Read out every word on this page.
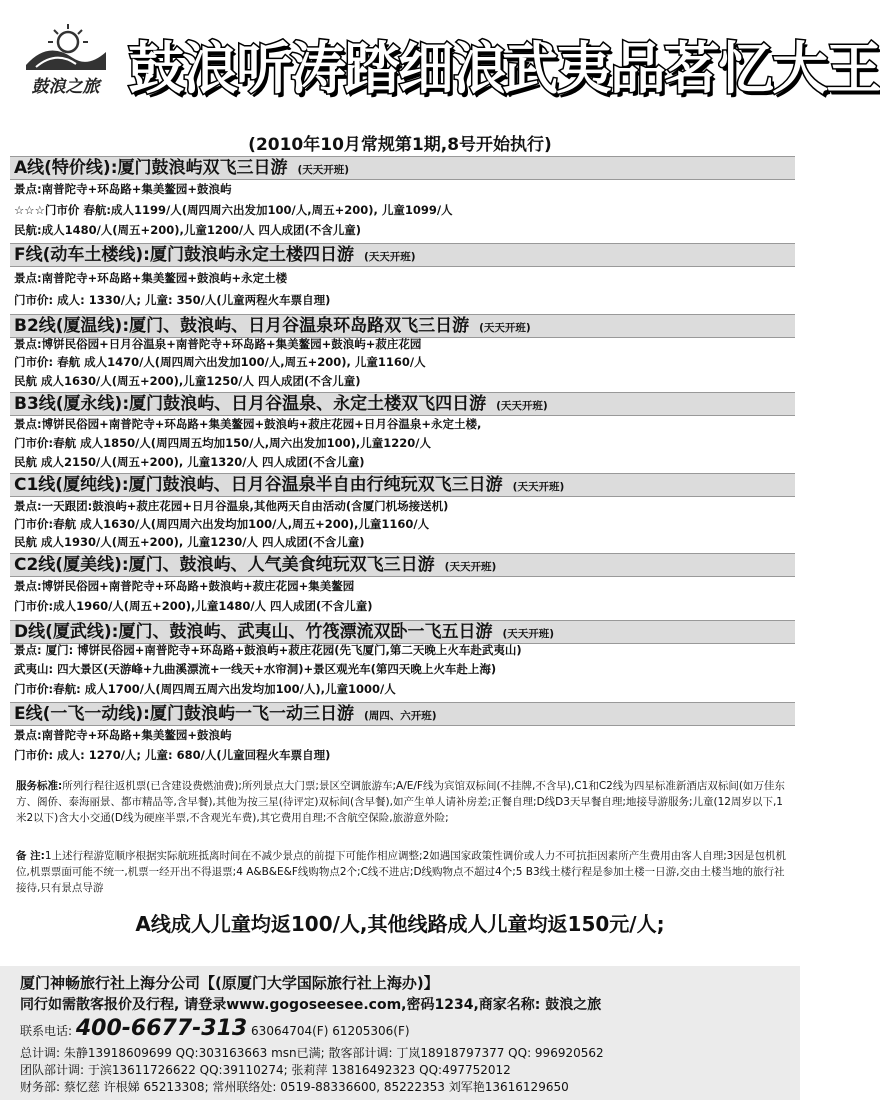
鼓浪之旅 鼓浪听涛踏细浪
武夷品茗忆大王
(2010年10月常规第1期,8号开始执行)
A线(特价线):厦门鼓浪屿双飞三日游 (天天开班)
景点:南普陀寺+环岛路+集美鳌园+鼓浪屿
☆☆☆门市价 春航:成人1199/人(周四周六出发加100/人,周五+200), 儿童1099/人
民航:成人1480/人(周五+200),儿童1200/人 四人成团(不含儿童)
F线(动车土楼线):厦门鼓浪屿永定土楼四日游 (天天开班)
景点:南普陀寺+环岛路+集美鳌园+鼓浪屿+永定土楼
门市价: 成人: 1330/人; 儿童: 350/人(儿童两程火车票自理)
B2线(厦温线):厦门、鼓浪屿、日月谷温泉环岛路双飞三日游 (天天开班)
景点:博饼民俗园+日月谷温泉+南普陀寺+环岛路+集美鳌园+鼓浪屿+菽庄花园
门市价: 春航 成人1470/人(周四周六出发加100/人,周五+200), 儿童1160/人
民航 成人1630/人(周五+200),儿童1250/人 四人成团(不含儿童)
B3线(厦永线):厦门鼓浪屿、日月谷温泉、永定土楼双飞四日游 (天天开班)
景点:博饼民俗园+南普陀寺+环岛路+集美鳌园+鼓浪屿+菽庄花园+日月谷温泉+永定土楼,
门市价:春航 成人1850/人(周四周五均加150/人,周六出发加100),儿童1220/人
民航 成人2150/人(周五+200), 儿童1320/人 四人成团(不含儿童)
C1线(厦纯线):厦门鼓浪屿、日月谷温泉半自由行纯玩双飞三日游 (天天开班)
景点:一天跟团:鼓浪屿+菽庄花园+日月谷温泉,其他两天自由活动(含厦门机场接送机)
门市价:春航 成人1630/人(周四周六出发均加100/人,周五+200),儿童1160/人
民航 成人1930/人(周五+200), 儿童1230/人 四人成团(不含儿童)
C2线(厦美线):厦门、鼓浪屿、人气美食纯玩双飞三日游 (天天开班)
景点:博饼民俗园+南普陀寺+环岛路+鼓浪屿+菽庄花园+集美鳌园
门市价:成人1960/人(周五+200),儿童1480/人 四人成团(不含儿童)
D线(厦武线):厦门、鼓浪屿、武夷山、竹筏漂流双卧一飞五日游 (天天开班)
景点: 厦门: 博饼民俗园+南普陀寺+环岛路+鼓浪屿+菽庄花园(先飞厦门,第二天晚上火车赴武夷山)
武夷山: 四大景区(天游峰+九曲溪漂流+一线天+水帘洞)+景区观光车(第四天晚上火车赴上海)
门市价:春航: 成人1700/人(周四周五周六出发均加100/人),儿童1000/人
E线(一飞一动线):厦门鼓浪屿一飞一动三日游 (周四、六开班)
景点:南普陀寺+环岛路+集美鳌园+鼓浪屿
门市价: 成人: 1270/人; 儿童: 680/人(儿童回程火车票自理)
服务标准:所列行程往返机票(已含建设费燃油费);所列景点大门票;景区空调旅游车;A/E/F线为宾馆双标间(不挂牌,不含早),C1和C2线为四星标准新酒店双标间(如万佳东方、阁侨、泰海丽景、都市精品等,含早餐),其他为按三星(待评定)双标间(含早餐),如产生单人请补房差;正餐自理;D线D3天早餐自理;地接导游服务;儿童(12周岁以下,1米2以下)含大小交通(D线为硬座半票,不含观光车费),其它费用自理;不含航空保险,旅游意外险;
备 注:1上述行程游览顺序根据实际航班抵离时间在不减少景点的前提下可能作相应调整;2如遇国家政策性调价或人力不可抗拒因素所产生费用由客人自理;3因是包机机位,机票票面可能不统一,机票一经开出不得退票;4 A&B&E&F线购物点2个;C线不进店;D线购物点不超过4个;5 B3线土楼行程是参加土楼一日游,交由土楼当地的旅行社接待,只有景点导游
A线成人儿童均返100/人,其他线路成人儿童均返150元/人;
厦门神畅旅行社上海分公司【(原厦门大学国际旅行社上海办)】
同行如需散客报价及行程, 请登录www.gogoseesee.com,密码1234,商家名称: 鼓浪之旅
联系电话: 400-6677-313 63064704(F) 61205306(F)
总计调: 朱静13918609699 QQ:303163663 msn已满; 散客部计调: 丁岚18918797377 QQ: 996920562
团队部计调: 于滨13611726622 QQ:39110274; 张莉萍 13816492323 QQ:497752012
财务部: 蔡忆慈 许根娣 65213308; 常州联络处: 0519-88336600, 85222353 刘军艳13616129650
